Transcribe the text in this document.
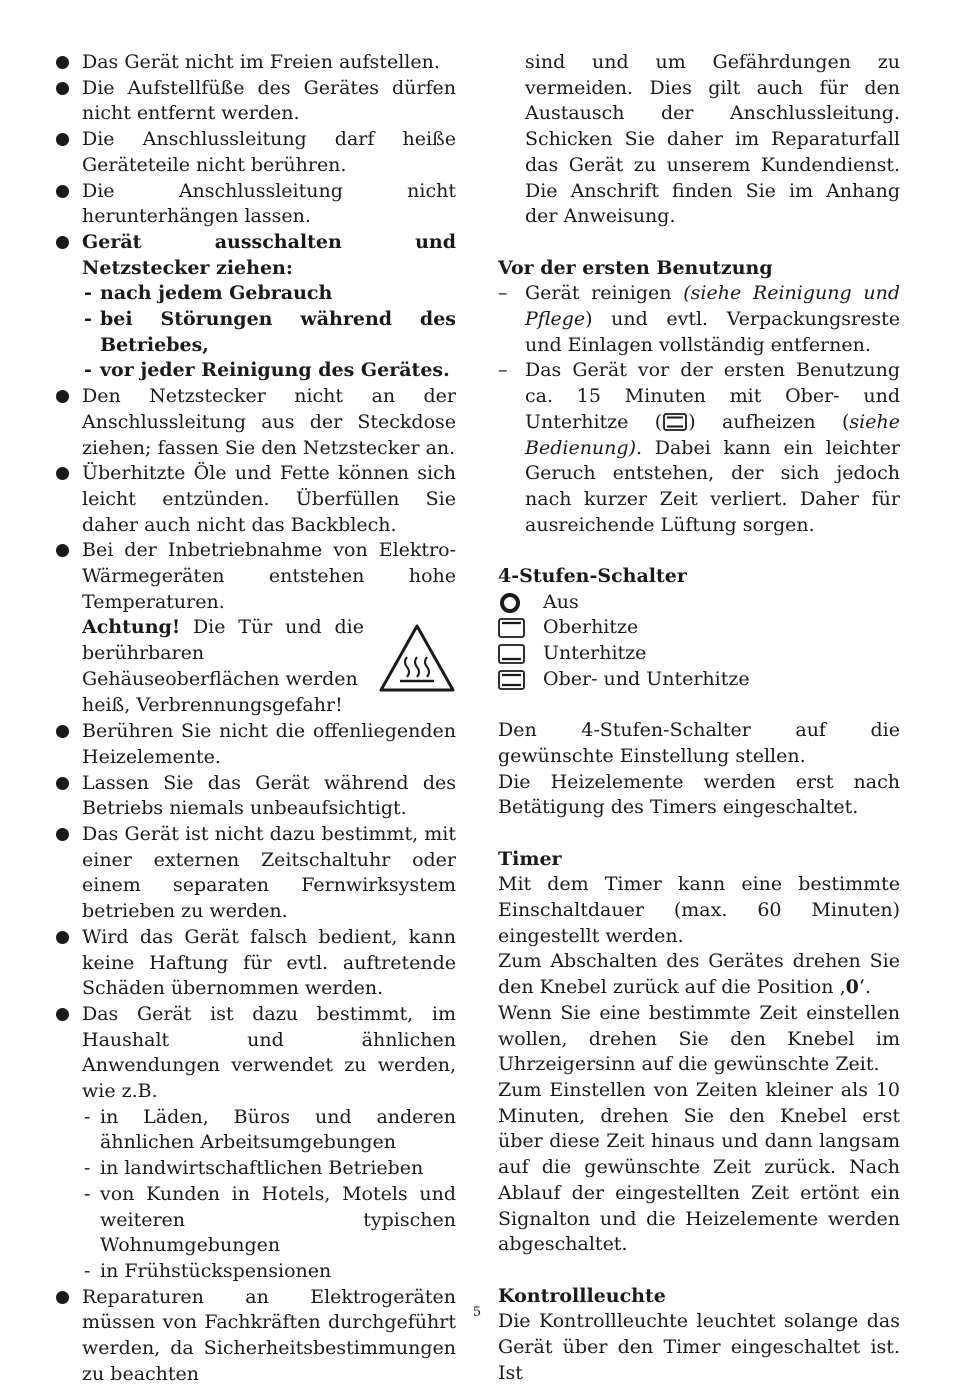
Das Gerät nicht im Freien aufstellen.
Die Aufstellfüße des Gerätes dürfen nicht entfernt werden.
Die Anschlussleitung darf heiße Geräteteile nicht berühren.
Die Anschlussleitung nicht herunterhängen lassen.
Gerät ausschalten und Netzstecker ziehen:
- nach jedem Gebrauch
- bei Störungen während des Betriebes,
- vor jeder Reinigung des Gerätes.
Den Netzstecker nicht an der Anschlussleitung aus der Steckdose ziehen; fassen Sie den Netzstecker an.
Überhitzte Öle und Fette können sich leicht entzünden. Überfüllen Sie daher auch nicht das Backblech.
Bei der Inbetriebnahme von Elektro-Wärmegeräten entstehen hohe Temperaturen.
Achtung! Die Tür und die berührbaren Gehäuseoberflächen werden
heiß, Verbrennungsgefahr!
Berühren Sie nicht die offenliegenden Heizelemente.
Lassen Sie das Gerät während des Betriebs niemals unbeaufsichtigt.
Das Gerät ist nicht dazu bestimmt, mit einer externen Zeitschaltuhr oder einem separaten Fernwirksystem betrieben zu werden.
Wird das Gerät falsch bedient, kann keine Haftung für evtl. auftretende Schäden übernommen werden.
Das Gerät ist dazu bestimmt, im Haushalt und ähnlichen Anwendungen verwendet zu werden, wie z.B.
- in Läden, Büros und anderen ähnlichen Arbeitsumgebungen
- in landwirtschaftlichen Betrieben
- von Kunden in Hotels, Motels und weiteren typischen Wohnumgebungen
- in Frühstückspensionen
Reparaturen an Elektrogeräten müssen von Fachkräften durchgeführt werden, da Sicherheitsbestimmungen zu beachten
sind und um Gefährdungen zu vermeiden. Dies gilt auch für den Austausch der Anschlussleitung. Schicken Sie daher im Reparaturfall das Gerät zu unserem Kundendienst. Die Anschrift finden Sie im Anhang der Anweisung.
Vor der ersten Benutzung
– Gerät reinigen (siehe Reinigung und Pflege) und evtl. Verpackungsreste und Einlagen vollständig entfernen.
– Das Gerät vor der ersten Benutzung ca. 15 Minuten mit Ober- und Unterhitze ( ) aufheizen (siehe Bedienung). Dabei kann ein leichter Geruch entstehen, der sich jedoch nach kurzer Zeit verliert. Daher für ausreichende Lüftung sorgen.
4-Stufen-Schalter
Aus
Oberhitze
Unterhitze
Ober- und Unterhitze
Den 4-Stufen-Schalter auf die gewünschte Einstellung stellen.
Die Heizelemente werden erst nach Betätigung des Timers eingeschaltet.
Timer
Mit dem Timer kann eine bestimmte Einschaltdauer (max. 60 Minuten) eingestellt werden.
Zum Abschalten des Gerätes drehen Sie den Knebel zurück auf die Position ‚0‘.
Wenn Sie eine bestimmte Zeit einstellen wollen, drehen Sie den Knebel im Uhrzeigersinn auf die gewünschte Zeit.
Zum Einstellen von Zeiten kleiner als 10 Minuten, drehen Sie den Knebel erst über diese Zeit hinaus und dann langsam auf die gewünschte Zeit zurück. Nach Ablauf der eingestellten Zeit ertönt ein Signalton und die Heizelemente werden abgeschaltet.
Kontrollleuchte
Die Kontrollleuchte leuchtet solange das Gerät über den Timer eingeschaltet ist. Ist
5
